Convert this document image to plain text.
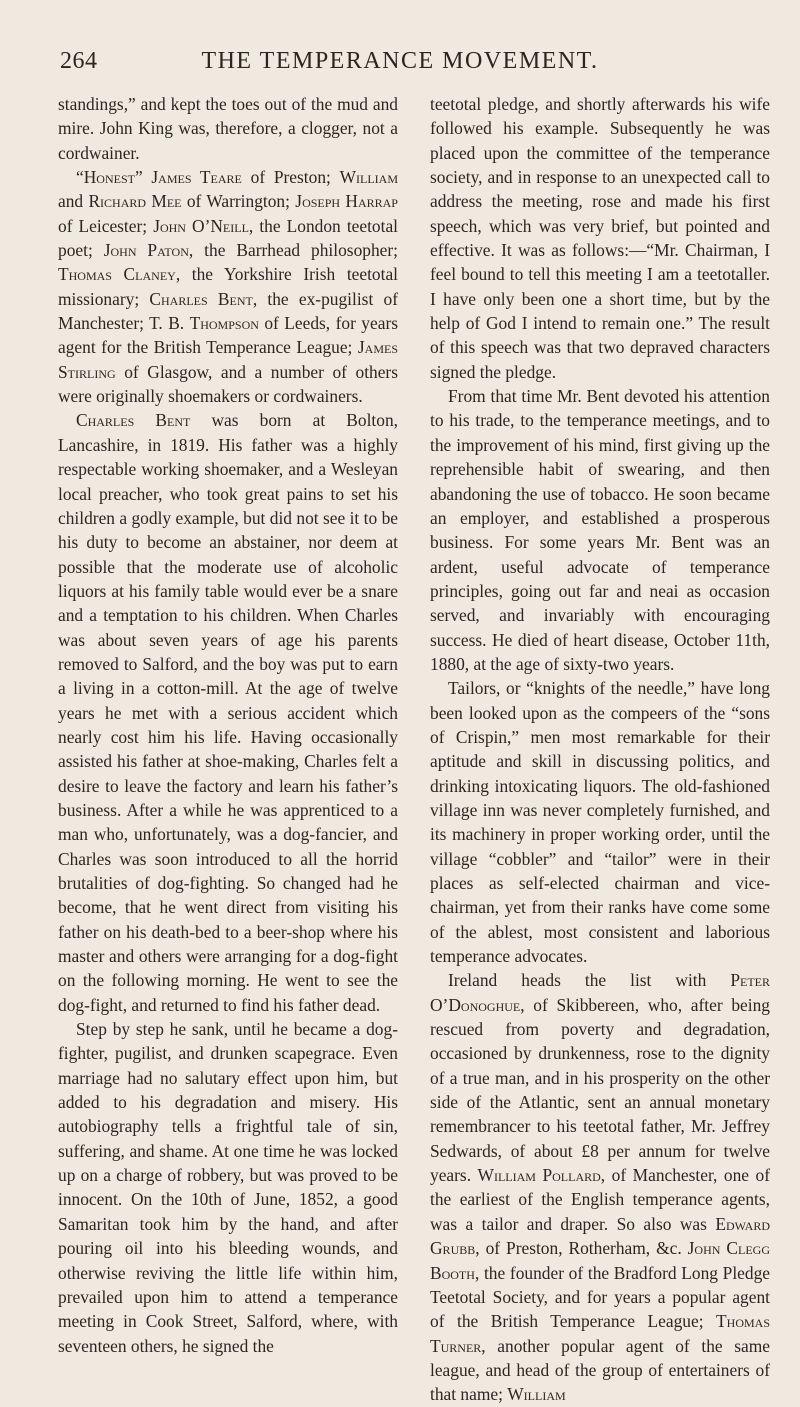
264	THE TEMPERANCE MOVEMENT.

standings,” and kept the toes out of the mud and mire. John King was, therefore, a clogger, not a cordwainer.

“Honest” James Teare of Preston; William and Richard Mee of Warrington; Joseph Harrap of Leicester; John O’Neill, the London teetotal poet; John Paton, the Barrhead philosopher; Thomas Claney, the Yorkshire Irish teetotal missionary; Charles Bent, the ex-pugilist of Manchester; T. B. Thompson of Leeds, for years agent for the British Temperance League; James Stirling of Glasgow, and a number of others were originally shoemakers or cordwainers.

Charles Bent was born at Bolton, Lancashire, in 1819. His father was a highly respectable working shoemaker, and a Wesleyan local preacher, who took great pains to set his children a godly example, but did not see it to be his duty to become an abstainer, nor deem at possible that the moderate use of alcoholic liquors at his family table would ever be a snare and a temptation to his children. When Charles was about seven years of age his parents removed to Salford, and the boy was put to earn a living in a cotton-mill. At the age of twelve years he met with a serious accident which nearly cost him his life. Having occasionally assisted his father at shoe-making, Charles felt a desire to leave the factory and learn his father’s business. After a while he was apprenticed to a man who, unfortunately, was a dog-fancier, and Charles was soon introduced to all the horrid brutalities of dog-fighting. So changed had he become, that he went direct from visiting his father on his death-bed to a beer-shop where his master and others were arranging for a dog-fight on the following morning. He went to see the dog-fight, and returned to find his father dead.

Step by step he sank, until he became a dog-fighter, pugilist, and drunken scapegrace. Even marriage had no salutary effect upon him, but added to his degradation and misery. His autobiography tells a frightful tale of sin, suffering, and shame. At one time he was locked up on a charge of robbery, but was proved to be innocent. On the 10th of June, 1852, a good Samaritan took him by the hand, and after pouring oil into his bleeding wounds, and otherwise reviving the little life within him, prevailed upon him to attend a temperance meeting in Cook Street, Salford, where, with seventeen others, he signed the

teetotal pledge, and shortly afterwards his wife followed his example. Subsequently he was placed upon the committee of the temperance society, and in response to an unexpected call to address the meeting, rose and made his first speech, which was very brief, but pointed and effective. It was as follows:—“Mr. Chairman, I feel bound to tell this meeting I am a teetotaller. I have only been one a short time, but by the help of God I intend to remain one.” The result of this speech was that two depraved characters signed the pledge.

From that time Mr. Bent devoted his attention to his trade, to the temperance meetings, and to the improvement of his mind, first giving up the reprehensible habit of swearing, and then abandoning the use of tobacco. He soon became an employer, and established a prosperous business. For some years Mr. Bent was an ardent, useful advocate of temperance principles, going out far and neai as occasion served, and invariably with encouraging success. He died of heart disease, October 11th, 1880, at the age of sixty-two years.

Tailors, or “knights of the needle,” have long been looked upon as the compeers of the “sons of Crispin,” men most remarkable for their aptitude and skill in discussing politics, and drinking intoxicating liquors. The old-fashioned village inn was never completely furnished, and its machinery in proper working order, until the village “cobbler” and “tailor” were in their places as self-elected chairman and vice-chairman, yet from their ranks have come some of the ablest, most consistent and laborious temperance advocates.

Ireland heads the list with Peter O’Donoghue, of Skibbereen, who, after being rescued from poverty and degradation, occasioned by drunkenness, rose to the dignity of a true man, and in his prosperity on the other side of the Atlantic, sent an annual monetary remembrancer to his teetotal father, Mr. Jeffrey Sedwards, of about £8 per annum for twelve years. William Pollard, of Manchester, one of the earliest of the English temperance agents, was a tailor and draper. So also was Edward Grubb, of Preston, Rotherham, &c. John Clegg Booth, the founder of the Bradford Long Pledge Teetotal Society, and for years a popular agent of the British Temperance League; Thomas Turner, another popular agent of the same league, and head of the group of entertainers of that name; William
